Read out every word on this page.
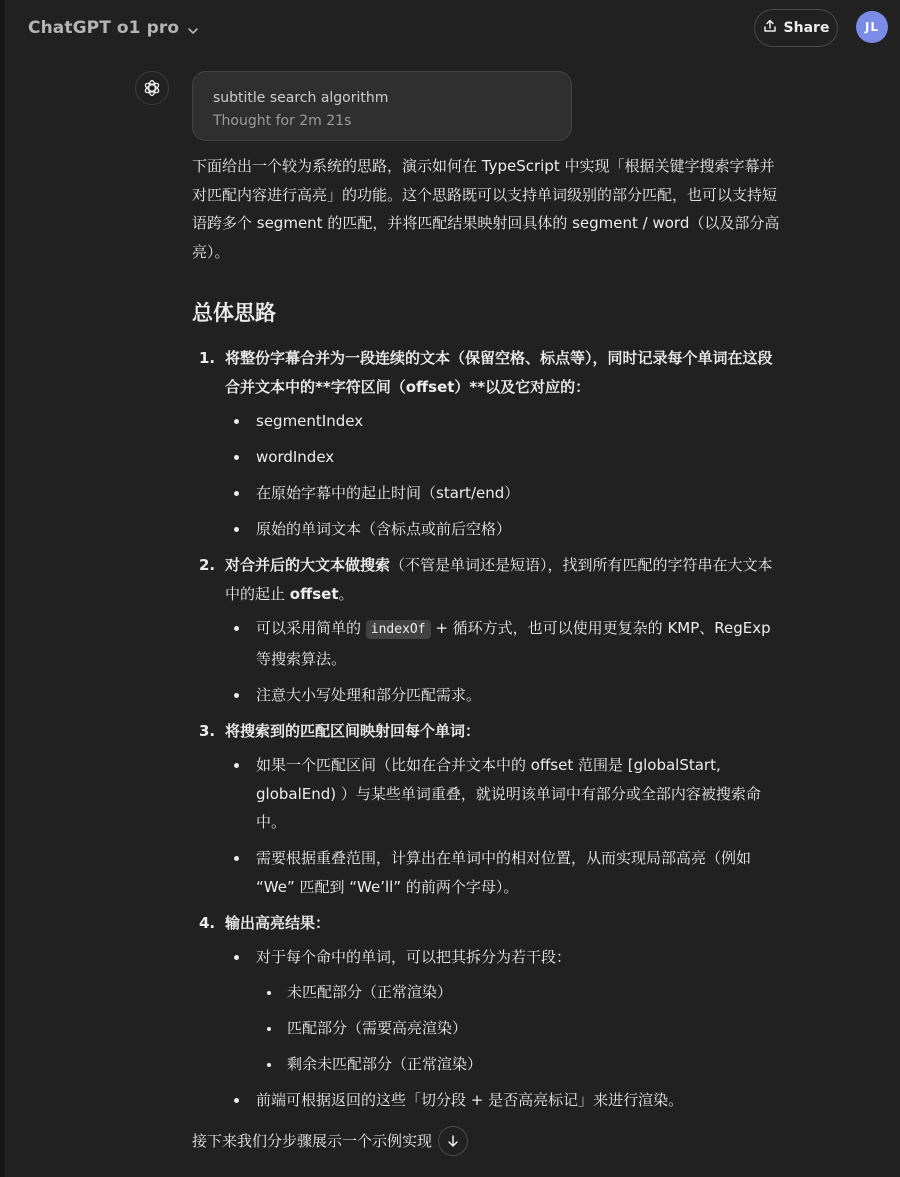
ChatGPT o1 pro	Share	JL
subtitle search algorithm
Thought for 2m 21s

下面给出一个较为系统的思路，演示如何在 TypeScript 中实现「根据关键字搜索字幕并对匹配内容进行高亮」的功能。这个思路既可以支持单词级别的部分匹配，也可以支持短语跨多个 segment 的匹配，并将匹配结果映射回具体的 segment / word（以及部分高亮）。

总体思路
1. 将整份字幕合并为一段连续的文本（保留空格、标点等），同时记录每个单词在这段合并文本中的**字符区间（offset）**以及它对应的：
segmentIndex
wordIndex
在原始字幕中的起止时间（start/end）
原始的单词文本（含标点或前后空格）
2. 对合并后的大文本做搜索（不管是单词还是短语），找到所有匹配的字符串在大文本中的起止 offset。
可以采用简单的 indexOf + 循环方式，也可以使用更复杂的 KMP、RegExp 等搜索算法。
注意大小写处理和部分匹配需求。
3. 将搜索到的匹配区间映射回每个单词：
如果一个匹配区间（比如在合并文本中的 offset 范围是 [globalStart, globalEnd) ）与某些单词重叠，就说明该单词中有部分或全部内容被搜索命中。
需要根据重叠范围，计算出在单词中的相对位置，从而实现局部高亮（例如 “We” 匹配到 “We’ll” 的前两个字母）。
4. 输出高亮结果：
对于每个命中的单词，可以把其拆分为若干段：
未匹配部分（正常渲染）
匹配部分（需要高亮渲染）
剩余未匹配部分（正常渲染）
前端可根据返回的这些「切分段 + 是否高亮标记」来进行渲染。
接下来我们分步骤展示一个示例实现
